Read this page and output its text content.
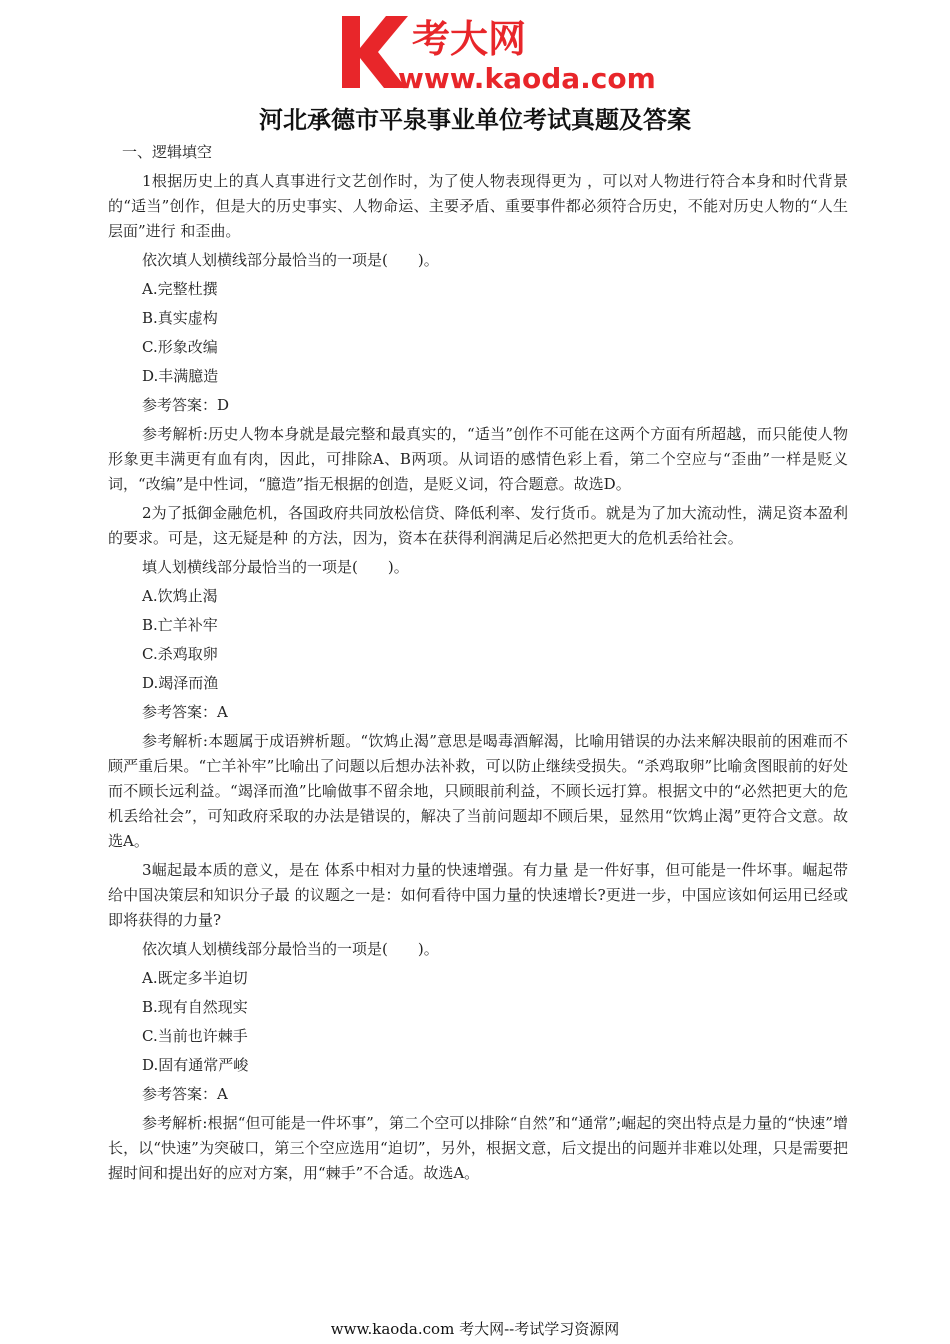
考大网
www.kaoda.com
河北承德市平泉事业单位考试真题及答案
一、逻辑填空

1根据历史上的真人真事进行文艺创作时，为了使人物表现得更为 ，可以对人物进行符合本身和时代背景的“适当”创作，但是大的历史事实、人物命运、主要矛盾、重要事件都必须符合历史，不能对历史人物的“人生层面”进行 和歪曲。

依次填人划横线部分最恰当的一项是(　　)。

A.完整杜撰

B.真实虚构

C.形象改编

D.丰满臆造

参考答案：D

参考解析:历史人物本身就是最完整和最真实的，“适当”创作不可能在这两个方面有所超越，而只能使人物形象更丰满更有血有肉，因此，可排除A、B两项。从词语的感情色彩上看，第二个空应与“歪曲”一样是贬义词，“改编”是中性词，“臆造”指无根据的创造，是贬义词，符合题意。故选D。

2为了抵御金融危机，各国政府共同放松信贷、降低利率、发行货币。就是为了加大流动性，满足资本盈利的要求。可是，这无疑是种 的方法，因为，资本在获得利润满足后必然把更大的危机丢给社会。

填人划横线部分最恰当的一项是(　　)。

A.饮鸩止渴

B.亡羊补牢

C.杀鸡取卵

D.竭泽而渔

参考答案：A

参考解析:本题属于成语辨析题。“饮鸩止渴”意思是喝毒酒解渴，比喻用错误的办法来解决眼前的困难而不顾严重后果。“亡羊补牢”比喻出了问题以后想办法补救，可以防止继续受损失。“杀鸡取卵”比喻贪图眼前的好处而不顾长远利益。“竭泽而渔”比喻做事不留余地，只顾眼前利益，不顾长远打算。根据文中的“必然把更大的危机丢给社会”，可知政府采取的办法是错误的，解决了当前问题却不顾后果，显然用“饮鸩止渴”更符合文意。故选A。

3崛起最本质的意义，是在 体系中相对力量的快速增强。有力量 是一件好事，但可能是一件坏事。崛起带给中国决策层和知识分子最 的议题之一是：如何看待中国力量的快速增长?更进一步，中国应该如何运用已经或即将获得的力量?

依次填人划横线部分最恰当的一项是(　　)。

A.既定多半迫切

B.现有自然现实

C.当前也许棘手

D.固有通常严峻

参考答案：A

参考解析:根据“但可能是一件坏事”，第二个空可以排除“自然”和“通常”;崛起的突出特点是力量的“快速”增长，以“快速”为突破口，第三个空应选用“迫切”，另外，根据文意，后文提出的问题并非难以处理，只是需要把握时间和提出好的应对方案，用“棘手”不合适。故选A。

www.kaoda.com 考大网--考试学习资源网
